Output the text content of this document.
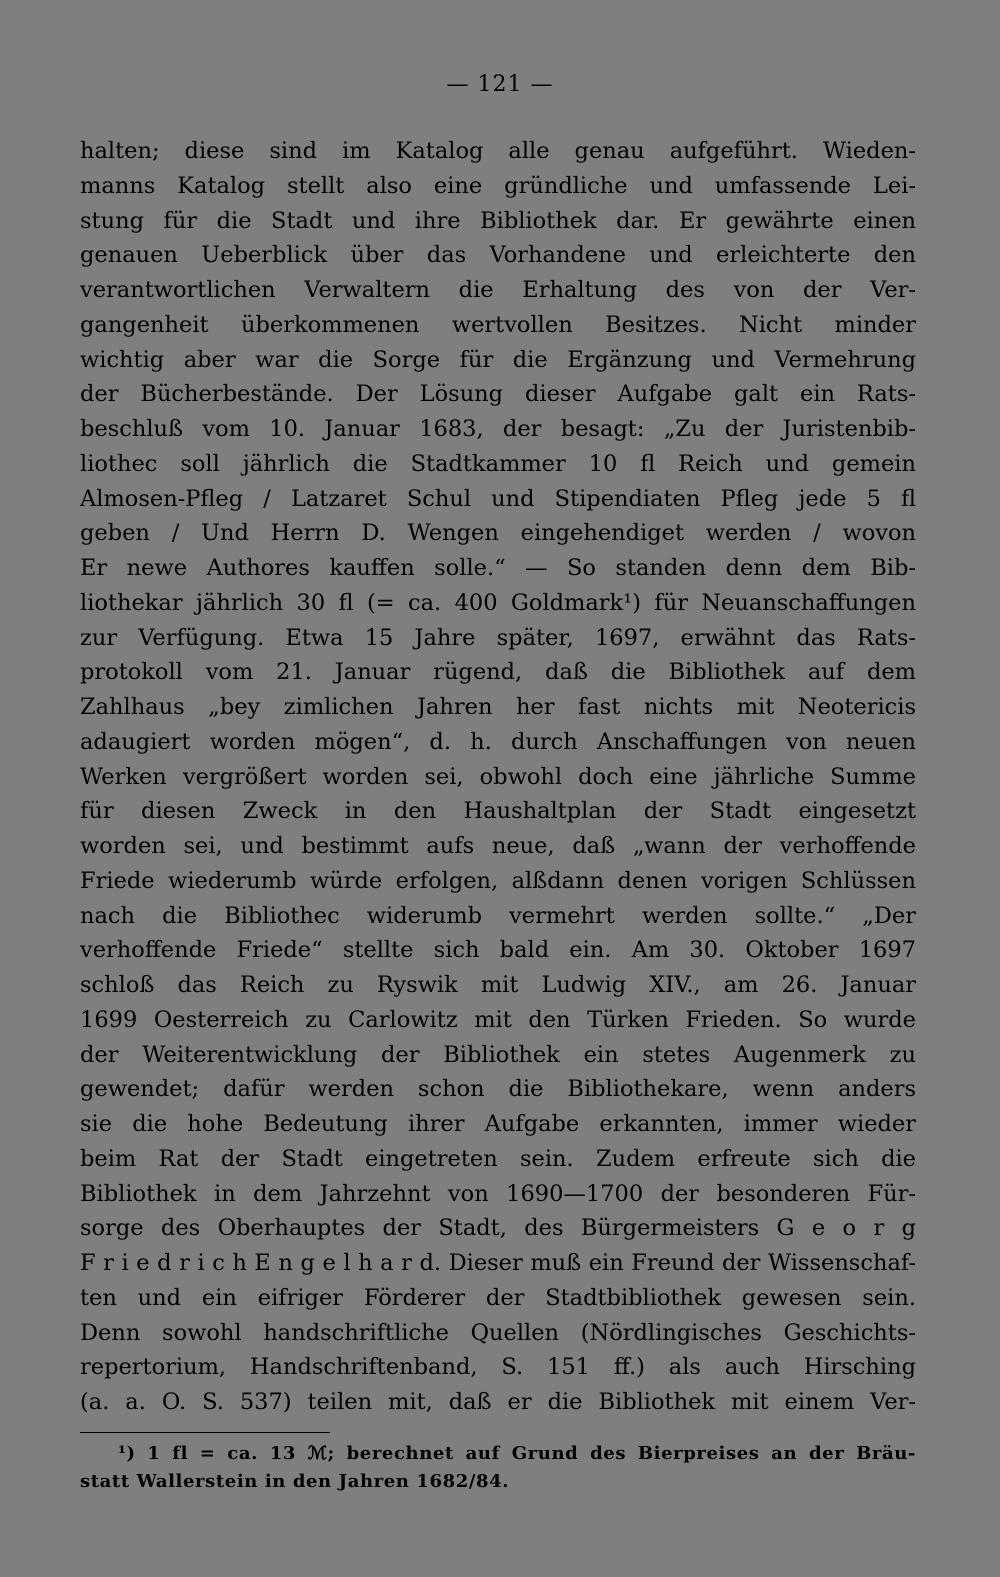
— 121 —
halten; diese sind im Katalog alle genau aufgeführt. Wieden-
manns Katalog stellt also eine gründliche und umfassende Lei-
stung für die Stadt und ihre Bibliothek dar. Er gewährte einen
genauen Ueberblick über das Vorhandene und erleichterte den
verantwortlichen Verwaltern die Erhaltung des von der Ver-
gangenheit überkommenen wertvollen Besitzes. Nicht minder
wichtig aber war die Sorge für die Ergänzung und Vermehrung
der Bücherbestände. Der Lösung dieser Aufgabe galt ein Rats-
beschluß vom 10. Januar 1683, der besagt: „Zu der Juristenbib-
liothec soll jährlich die Stadtkammer 10 fl Reich und gemein
Almosen-Pfleg / Latzaret Schul und Stipendiaten Pfleg jede 5 fl
geben / Und Herrn D. Wengen eingehendiget werden / wovon
Er newe Authores kauffen solle.“ — So standen denn dem Bib-
liothekar jährlich 30 fl (= ca. 400 Goldmark¹) für Neuanschaffungen
zur Verfügung. Etwa 15 Jahre später, 1697, erwähnt das Rats-
protokoll vom 21. Januar rügend, daß die Bibliothek auf dem
Zahlhaus „bey zimlichen Jahren her fast nichts mit Neotericis
adaugiert worden mögen“, d. h. durch Anschaffungen von neuen
Werken vergrößert worden sei, obwohl doch eine jährliche Summe
für diesen Zweck in den Haushaltplan der Stadt eingesetzt
worden sei, und bestimmt aufs neue, daß „wann der verhoffende
Friede wiederumb würde erfolgen, alßdann denen vorigen Schlüssen
nach die Bibliothec widerumb vermehrt werden sollte.“ „Der
verhoffende Friede“ stellte sich bald ein. Am 30. Oktober 1697
schloß das Reich zu Ryswik mit Ludwig XIV., am 26. Januar
1699 Oesterreich zu Carlowitz mit den Türken Frieden. So wurde
der Weiterentwicklung der Bibliothek ein stetes Augenmerk zu
gewendet; dafür werden schon die Bibliothekare, wenn anders
sie die hohe Bedeutung ihrer Aufgabe erkannten, immer wieder
beim Rat der Stadt eingetreten sein. Zudem erfreute sich die
Bibliothek in dem Jahrzehnt von 1690—1700 der besonderen Für-
sorge des Oberhauptes der Stadt, des Bürgermeisters G e o r g
F r i e d r i c h E n g e l h a r d. Dieser muß ein Freund der Wissenschaf-
ten und ein eifriger Förderer der Stadtbibliothek gewesen sein.
Denn sowohl handschriftliche Quellen (Nördlingisches Geschichts-
repertorium, Handschriftenband, S. 151 ff.) als auch Hirsching
(a. a. O. S. 537) teilen mit, daß er die Bibliothek mit einem Ver-
¹) 1 fl = ca. 13 ℳ; berechnet auf Grund des Bierpreises an der Bräu-
statt Wallerstein in den Jahren 1682/84.
